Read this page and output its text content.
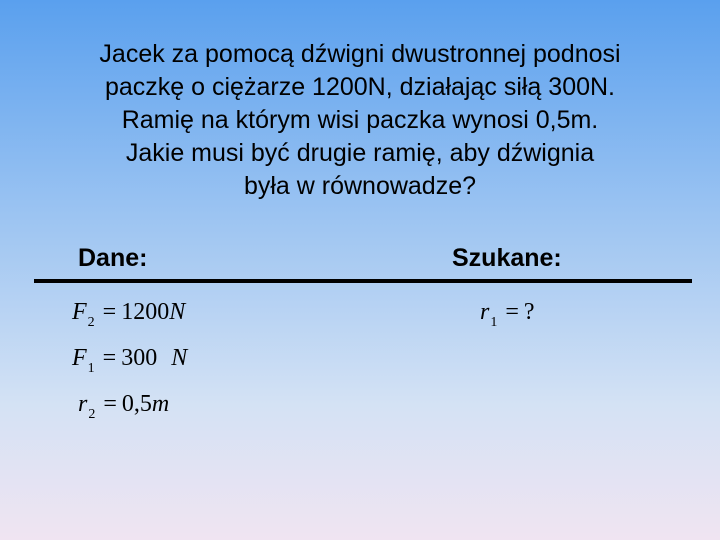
Jacek za pomocą dźwigni dwustronnej podnosi
paczkę o ciężarze 1200N, działając siłą 300N.
Ramię na którym wisi paczka wynosi 0,5m.
Jakie musi być drugie ramię, aby dźwignia
była w równowadze?
Dane:	Szukane:
$F_2 = 1200N$
$F_1 = 300$ N
$r_2 = 0,5m$
$r_1$ = ?
